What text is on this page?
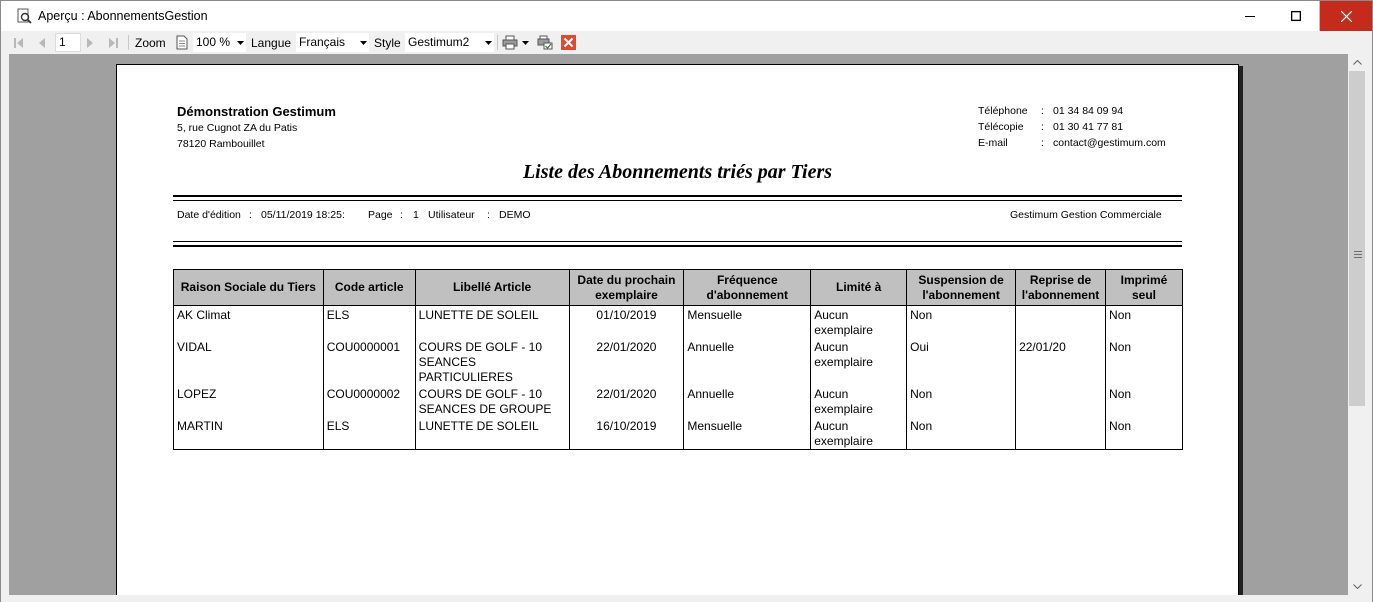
Aperçu : AbonnementsGestion
1	Zoom	100 %	Langue Français	Style Gestimum2
Démonstration Gestimum
5, rue Cugnot ZA du Patis
78120 Rambouillet
Téléphone	: 01 34 84 09 94
Télécopie	: 01 30 41 77 81
E-mail	: contact@gestimum.com
Liste des Abonnements triés par Tiers
Date d'édition : 05/11/2019 18:25: Page : 1 Utilisateur : DEMO	Gestimum Gestion Commerciale
Raison Sociale du Tiers	Code article	Libellé Article	Date du prochain exemplaire	Fréquence d'abonnement	Limité à	Suspension de l'abonnement	Reprise de l'abonnement	Imprimé seul
AK Climat	ELS	LUNETTE DE SOLEIL	01/10/2019	Mensuelle	Aucun exemplaire	Non		Non
VIDAL	COU0000001	COURS DE GOLF - 10 SEANCES PARTICULIERES	22/01/2020	Annuelle	Aucun exemplaire	Oui	22/01/20	Non
LOPEZ	COU0000002	COURS DE GOLF - 10 SEANCES DE GROUPE	22/01/2020	Annuelle	Aucun exemplaire	Non		Non
MARTIN	ELS	LUNETTE DE SOLEIL	16/10/2019	Mensuelle	Aucun exemplaire	Non		Non
